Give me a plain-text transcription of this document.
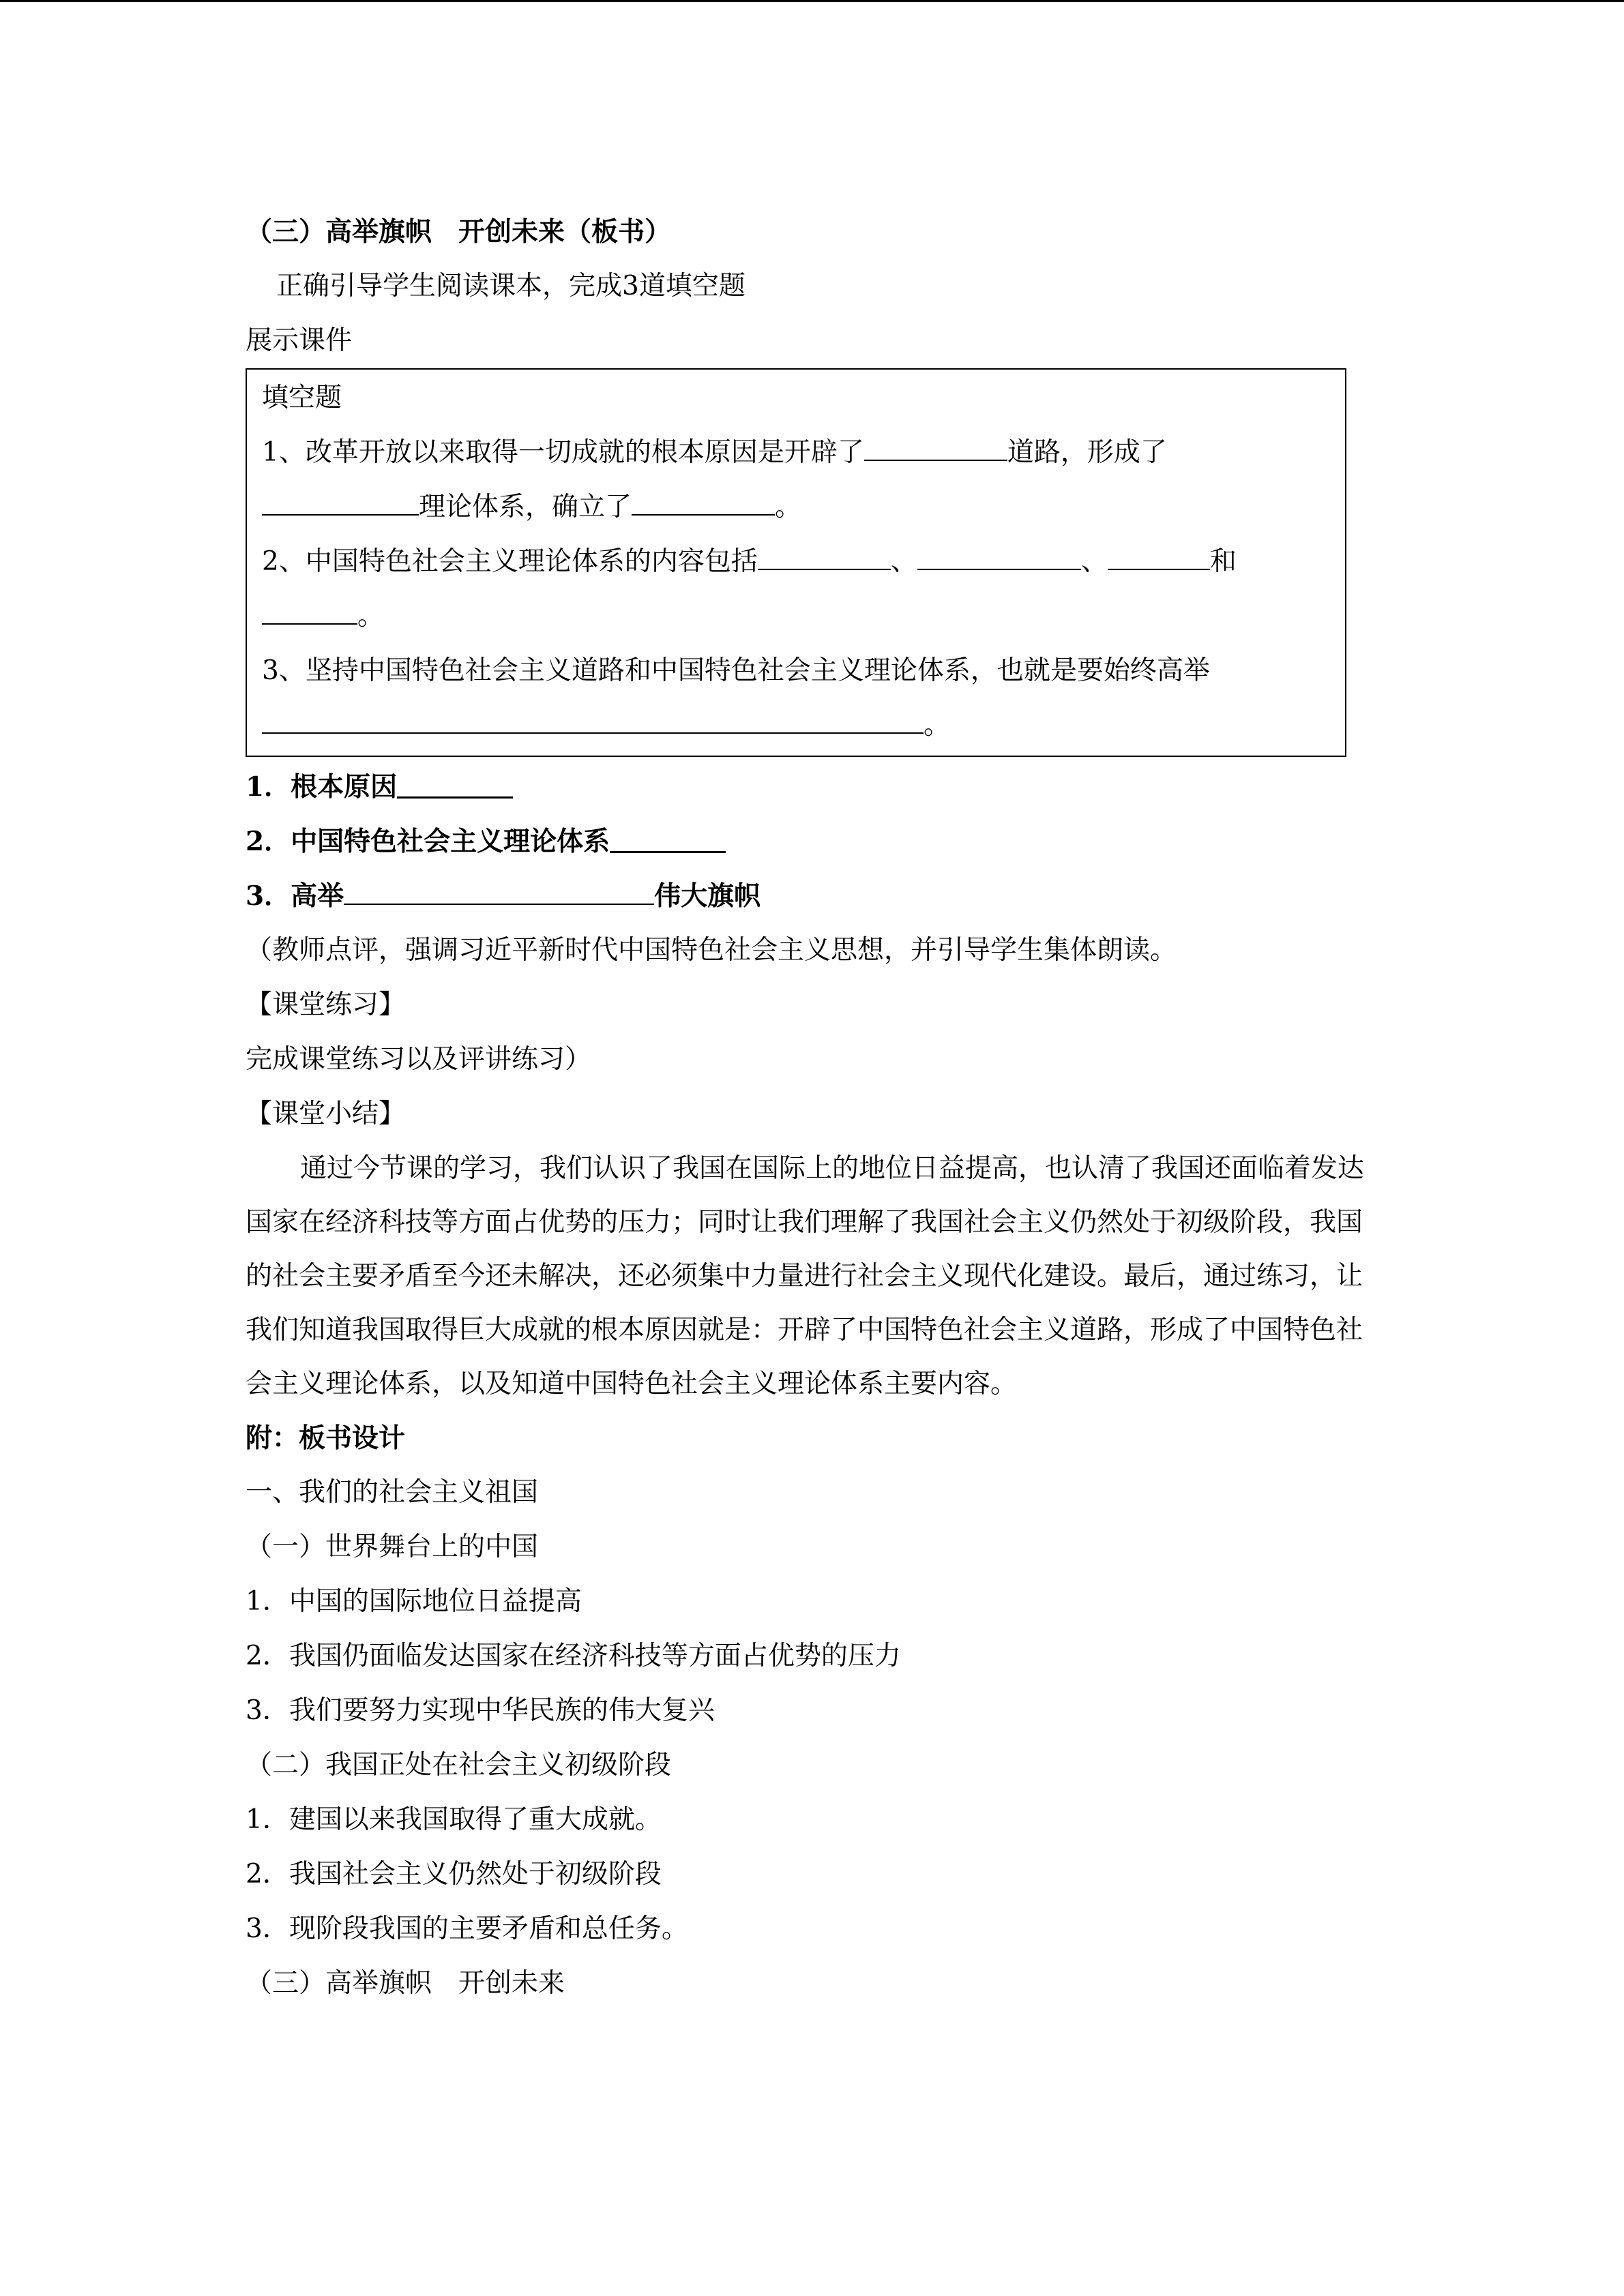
（三）高举旗帜　开创未来（板书）
正确引导学生阅读课本，完成3道填空题
展示课件
填空题
1、改革开放以来取得一切成就的根本原因是开辟了	道路，形成了
理论体系，确立了	。
2、中国特色社会主义理论体系的内容包括	、	、	和
。
3、坚持中国特色社会主义道路和中国特色社会主义理论体系，也就是要始终高举
。
1．根本原因
2．中国特色社会主义理论体系
3．高举	伟大旗帜
（教师点评，强调习近平新时代中国特色社会主义思想，并引导学生集体朗读。
【课堂练习】
完成课堂练习以及评讲练习）
【课堂小结】
通过今节课的学习，我们认识了我国在国际上的地位日益提高，也认清了我国还面临着发达国家在经济科技等方面占优势的压力；同时让我们理解了我国社会主义仍然处于初级阶段，我国的社会主要矛盾至今还未解决，还必须集中力量进行社会主义现代化建设。最后，通过练习，让我们知道我国取得巨大成就的根本原因就是：开辟了中国特色社会主义道路，形成了中国特色社会主义理论体系，以及知道中国特色社会主义理论体系主要内容。
附：板书设计
一、我们的社会主义祖国
（一）世界舞台上的中国
1．中国的国际地位日益提高
2．我国仍面临发达国家在经济科技等方面占优势的压力
3．我们要努力实现中华民族的伟大复兴
（二）我国正处在社会主义初级阶段
1．建国以来我国取得了重大成就。
2．我国社会主义仍然处于初级阶段
3．现阶段我国的主要矛盾和总任务。
（三）高举旗帜　开创未来
